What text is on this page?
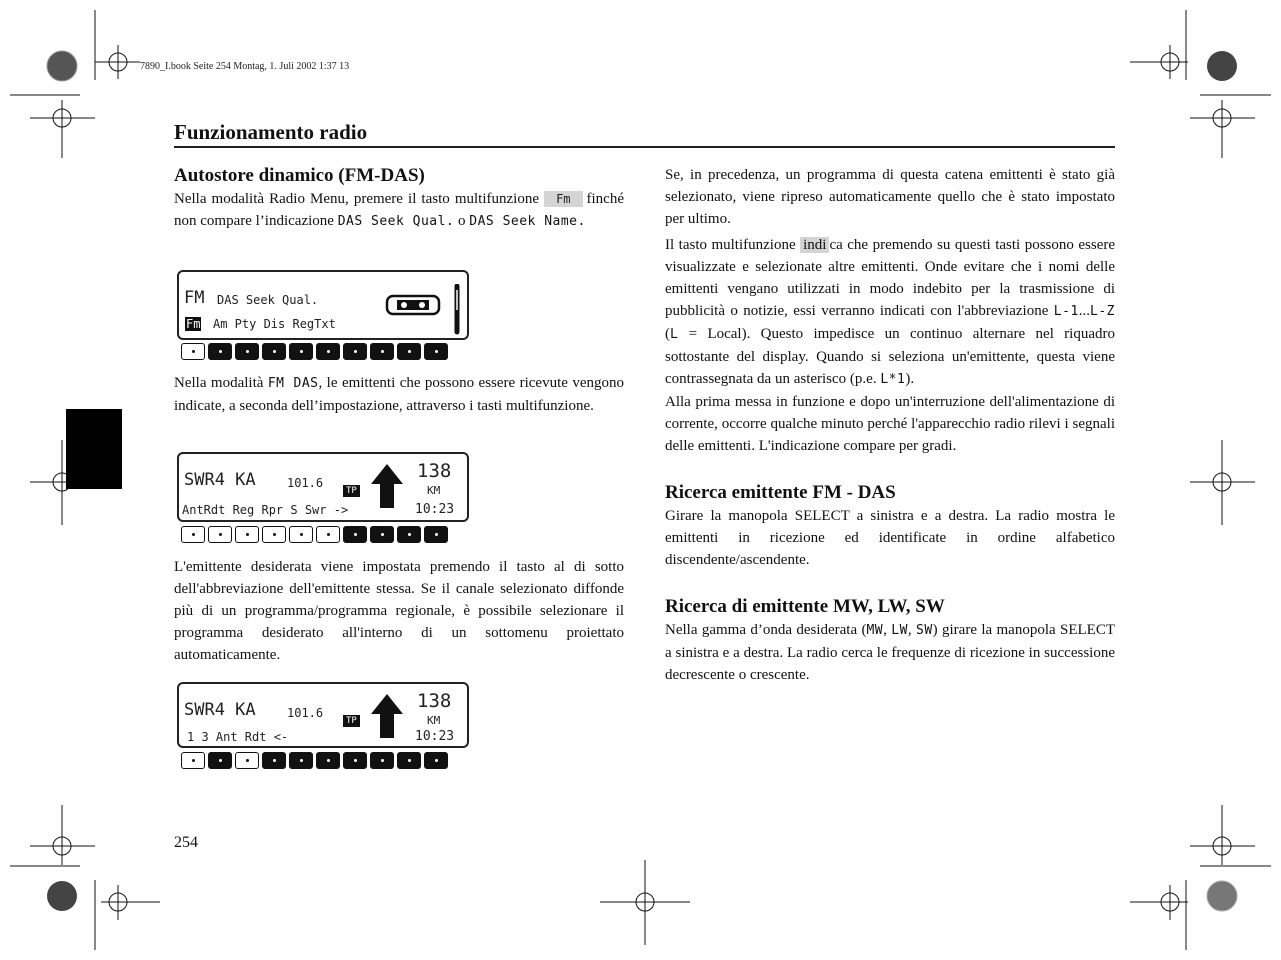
7890_I.book Seite 254 Montag, 1. Juli 2002 1:37 13
Funzionamento radio
Autostore dinamico (FM-DAS)

Nella modalità Radio Menu, premere il tasto multifunzione Fm finché non compare l’indicazione DAS Seek Qual. o DAS Seek Name.

FM DAS Seek Qual.
Fm Am Pty Dis RegTxt

Nella modalità FM DAS, le emittenti che possono essere ricevute vengono indicate, a seconda dell’impostazione, attraverso i tasti multifunzione.

SWR4 KA	101.6
TP
138
KM
AntRdt Reg Rpr S Swr ->	10:23

L'emittente desiderata viene impostata premendo il tasto al di sotto dell'abbreviazione dell'emittente stessa. Se il canale selezionato diffonde più di un programma/programma regionale, è possibile selezionare il programma desiderato all'interno di un sottomenu proiettato automaticamente.

SWR4 KA	101.6
TP
138
KM
1 3 Ant Rdt <-	10:23

Se, in precedenza, un programma di questa catena emittenti è stato già selezionato, viene ripreso automaticamente quello che è stato impostato per ultimo.

Il tasto multifunzione indi ca che premendo su questi tasti possono essere visualizzate e selezionate altre emittenti. Onde evitare che i nomi delle emittenti vengano utilizzati in modo indebito per la trasmissione di pubblicità o notizie, essi verranno indicati con l'abbreviazione L-1...L-Z (L = Local). Questo impedisce un continuo alternare nel riquadro sottostante del display. Quando si seleziona un'emittente, questa viene contrassegnata da un asterisco (p.e. L*1).

Alla prima messa in funzione e dopo un'interruzione dell'alimentazione di corrente, occorre qualche minuto perché l'apparecchio radio rilevi i segnali delle emittenti. L'indicazione compare per gradi.

Ricerca emittente FM - DAS

Girare la manopola SELECT a sinistra e a destra. La radio mostra le emittenti in ricezione ed identificate in ordine alfabetico discendente/ascendente.

Ricerca di emittente MW, LW, SW

Nella gamma d’onda desiderata (MW, LW, SW) girare la manopola SELECT a sinistra e a destra. La radio cerca le frequenze di ricezione in successione decrescente o crescente.

254
